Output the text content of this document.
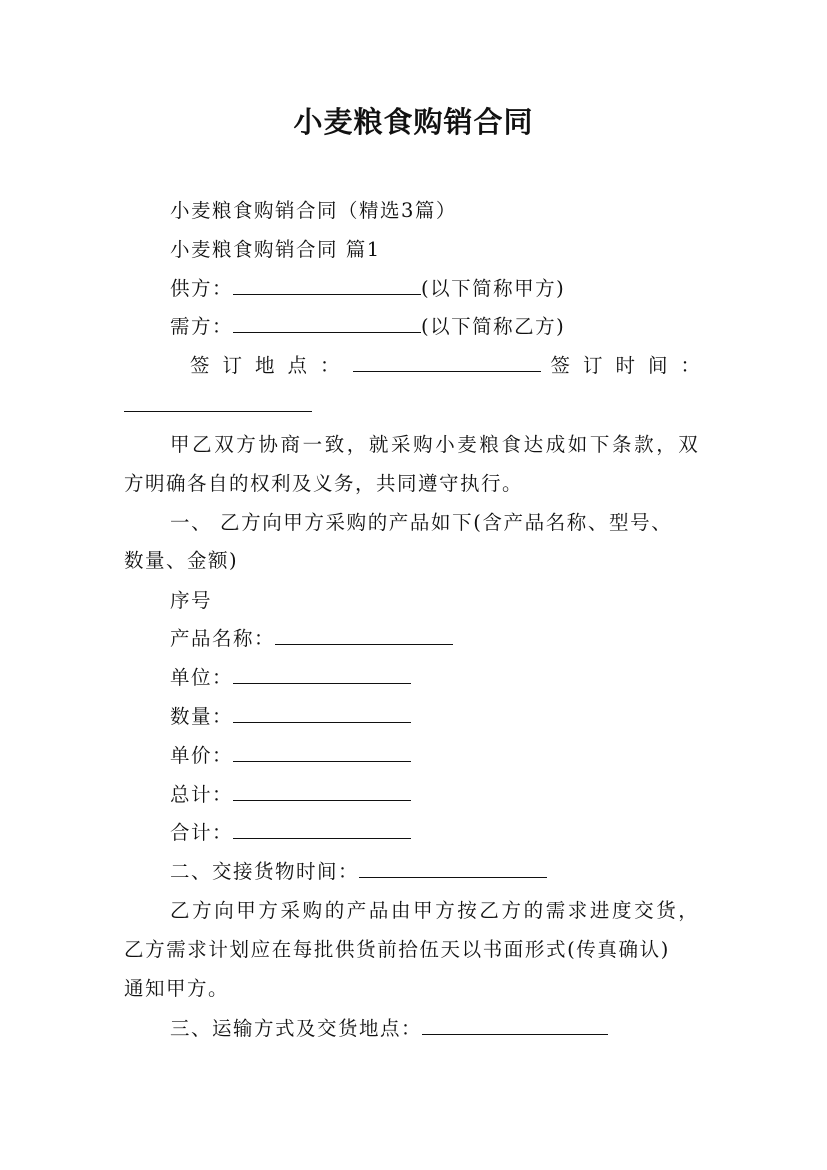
小麦粮食购销合同
小麦粮食购销合同（精选3篇）
小麦粮食购销合同 篇1
供方：	(以下简称甲方)
需方：	(以下简称乙方)
签订地点：	签订时间：
甲乙双方协商一致，就采购小麦粮食达成如下条款，双
方明确各自的权利及义务，共同遵守执行。
一、 乙方向甲方采购的产品如下(含产品名称、型号、
数量、金额)
序号
产品名称：
单位：
数量：
单价：
总计：
合计：
二、交接货物时间：
乙方向甲方采购的产品由甲方按乙方的需求进度交货，
乙方需求计划应在每批供货前拾伍天以书面形式(传真确认)
通知甲方。
三、运输方式及交货地点：
